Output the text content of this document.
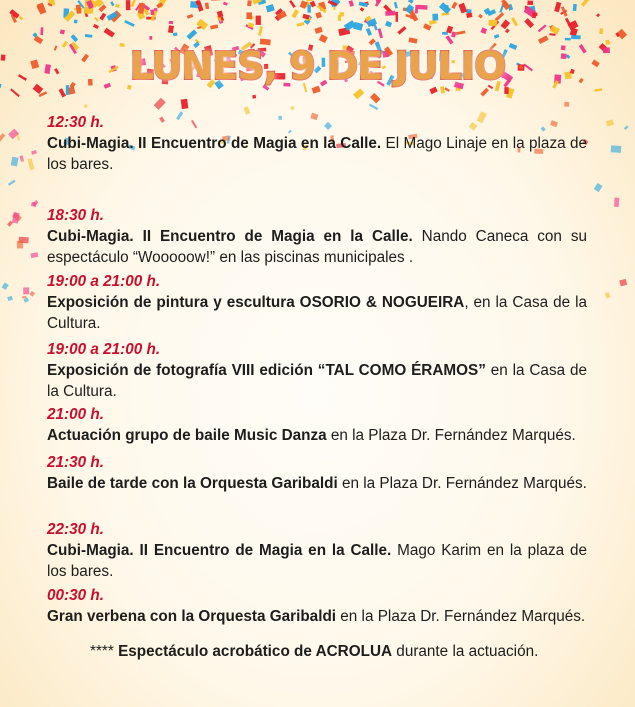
LUNES, 9 DE JULIO
12:30 h.
Cubi-Magia. II Encuentro de Magia en la Calle. El Mago Linaje en la plaza de los bares.
18:30 h.
Cubi-Magia. II Encuentro de Magia en la Calle. Nando Caneca con su espectáculo “Wooooow!” en las piscinas municipales .
19:00 a 21:00 h.
Exposición de pintura y escultura OSORIO & NOGUEIRA, en la Casa de la Cultura.
19:00 a 21:00 h.
Exposición de fotografía VIII edición “TAL COMO ÉRAMOS” en la Casa de la Cultura.
21:00 h.
Actuación grupo de baile Music Danza en la Plaza Dr. Fernández Marqués.
21:30 h.
Baile de tarde con la Orquesta Garibaldi en la Plaza Dr. Fernández Marqués.
22:30 h.
Cubi-Magia. II Encuentro de Magia en la Calle. Mago Karim en la plaza de los bares.
00:30 h.
Gran verbena con la Orquesta Garibaldi en la Plaza Dr. Fernández Marqués.
**** Espectáculo acrobático de ACROLUA durante la actuación.
